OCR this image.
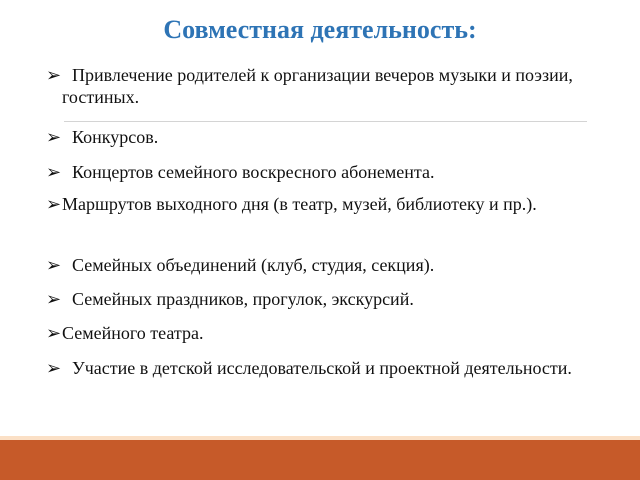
Совместная деятельность:

➢ Привлечение родителей к организации вечеров музыки и поэзии, гостиных.

➢ Конкурсов.

➢ Концертов семейного воскресного абонемента.

➢ Маршрутов выходного дня (в театр, музей, библиотеку и пр.).

➢ Семейных объединений (клуб, студия, секция).

➢ Семейных праздников, прогулок, экскурсий.

➢ Семейного театра.

➢ Участие в детской исследовательской и проектной деятельности.
